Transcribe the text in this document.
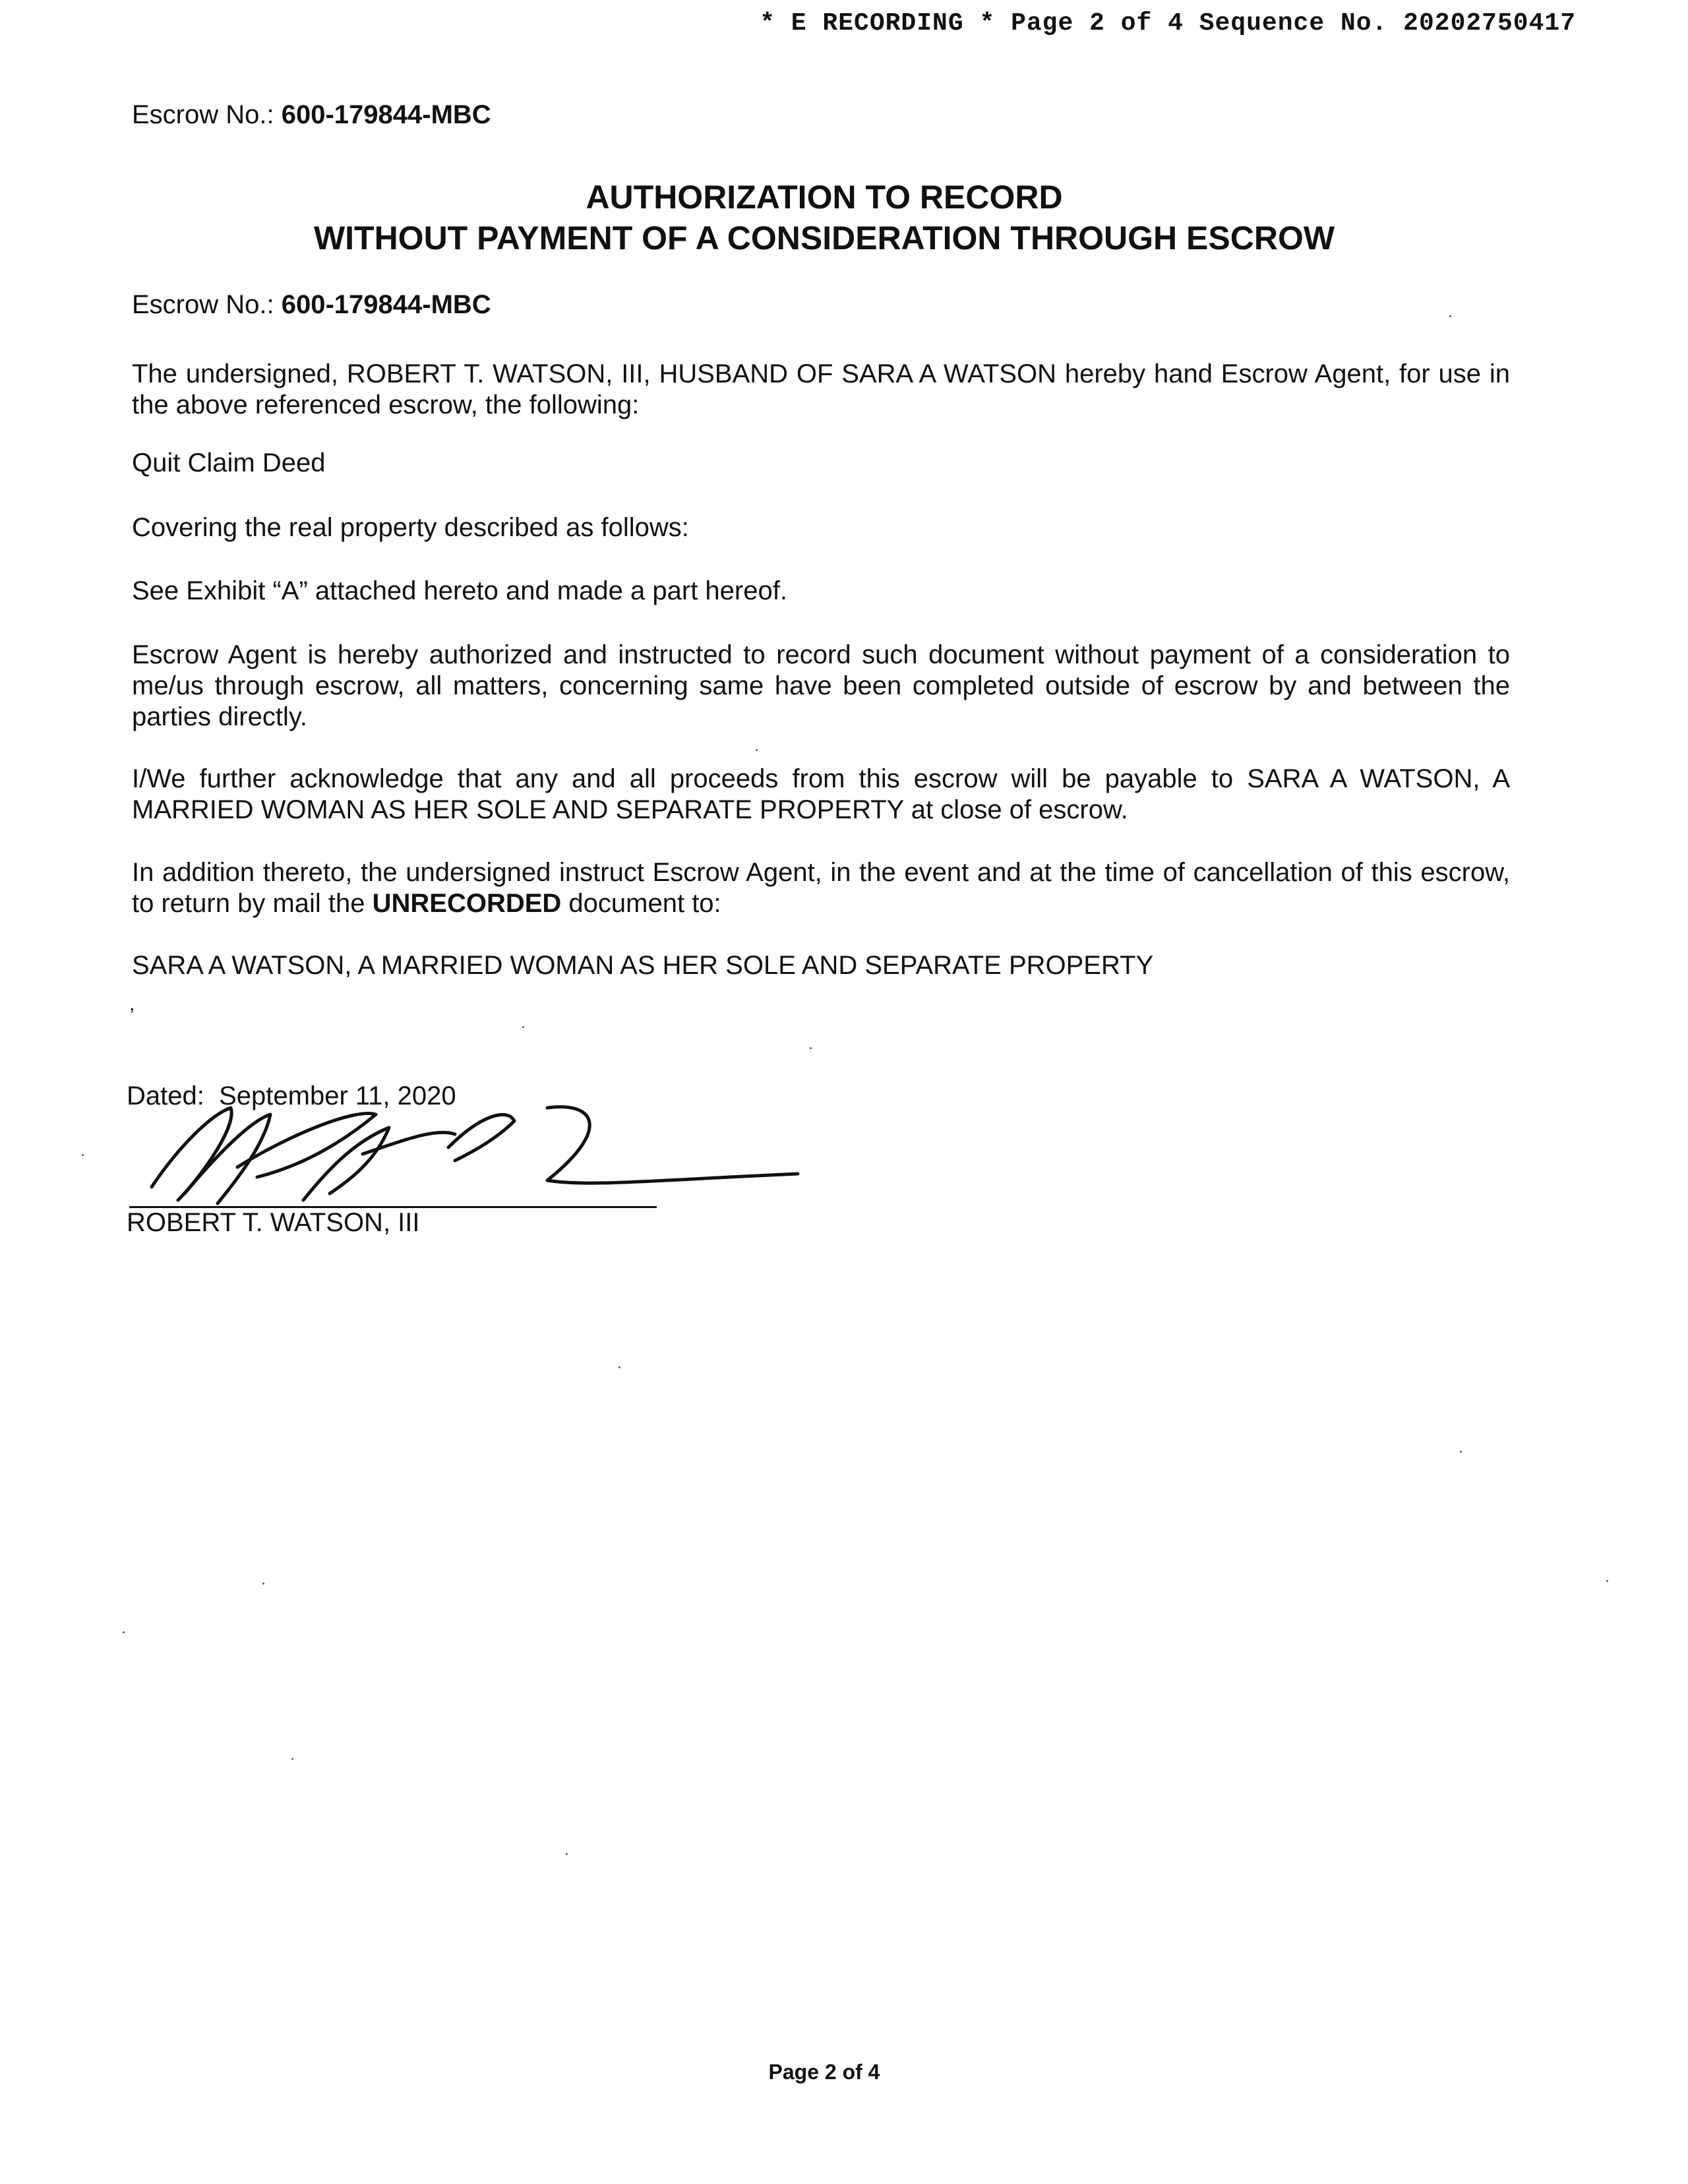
* E RECORDING * Page 2 of 4 Sequence No. 20202750417
Escrow No.: 600-179844-MBC
AUTHORIZATION TO RECORD
WITHOUT PAYMENT OF A CONSIDERATION THROUGH ESCROW
Escrow No.: 600-179844-MBC
The undersigned, ROBERT T. WATSON, III, HUSBAND OF SARA A WATSON hereby hand Escrow Agent, for use in the above referenced escrow, the following:
Quit Claim Deed
Covering the real property described as follows:
See Exhibit “A” attached hereto and made a part hereof.
Escrow Agent is hereby authorized and instructed to record such document without payment of a consideration to me/us through escrow, all matters, concerning same have been completed outside of escrow by and between the parties directly.
I/We further acknowledge that any and all proceeds from this escrow will be payable to SARA A WATSON, A MARRIED WOMAN AS HER SOLE AND SEPARATE PROPERTY at close of escrow.
In addition thereto, the undersigned instruct Escrow Agent, in the event and at the time of cancellation of this escrow, to return by mail the UNRECORDED document to:
SARA A WATSON, A MARRIED WOMAN AS HER SOLE AND SEPARATE PROPERTY
,
Dated: September 11, 2020
ROBERT T. WATSON, III
Page 2 of 4
